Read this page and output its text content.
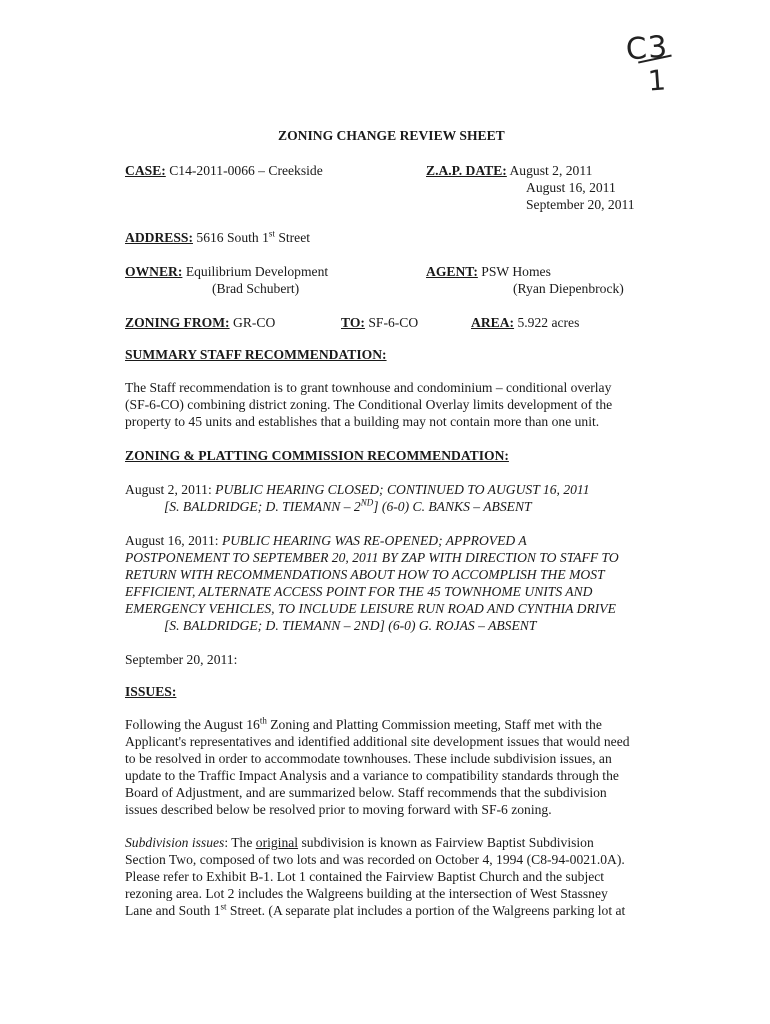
C3
1
ZONING CHANGE REVIEW SHEET
CASE: C14-2011-0066 – Creekside	Z.A.P. DATE: August 2, 2011
August 16, 2011
September 20, 2011
ADDRESS: 5616 South 1st Street
OWNER: Equilibrium Development
(Brad Schubert)
AGENT: PSW Homes
(Ryan Diepenbrock)
ZONING FROM: GR-CO	TO: SF-6-CO	AREA: 5.922 acres
SUMMARY STAFF RECOMMENDATION:
The Staff recommendation is to grant townhouse and condominium – conditional overlay
(SF-6-CO) combining district zoning. The Conditional Overlay limits development of the
property to 45 units and establishes that a building may not contain more than one unit.
ZONING & PLATTING COMMISSION RECOMMENDATION:
August 2, 2011: PUBLIC HEARING CLOSED; CONTINUED TO AUGUST 16, 2011
[S. BALDRIDGE; D. TIEMANN – 2ND] (6-0) C. BANKS – ABSENT
August 16, 2011: PUBLIC HEARING WAS RE-OPENED; APPROVED A
POSTPONEMENT TO SEPTEMBER 20, 2011 BY ZAP WITH DIRECTION TO STAFF TO
RETURN WITH RECOMMENDATIONS ABOUT HOW TO ACCOMPLISH THE MOST
EFFICIENT, ALTERNATE ACCESS POINT FOR THE 45 TOWNHOME UNITS AND
EMERGENCY VEHICLES, TO INCLUDE LEISURE RUN ROAD AND CYNTHIA DRIVE
[S. BALDRIDGE; D. TIEMANN – 2ND] (6-0) G. ROJAS – ABSENT
September 20, 2011:
ISSUES:
Following the August 16th Zoning and Platting Commission meeting, Staff met with the
Applicant's representatives and identified additional site development issues that would need
to be resolved in order to accommodate townhouses. These include subdivision issues, an
update to the Traffic Impact Analysis and a variance to compatibility standards through the
Board of Adjustment, and are summarized below. Staff recommends that the subdivision
issues described below be resolved prior to moving forward with SF-6 zoning.
Subdivision issues: The original subdivision is known as Fairview Baptist Subdivision
Section Two, composed of two lots and was recorded on October 4, 1994 (C8-94-0021.0A).
Please refer to Exhibit B-1. Lot 1 contained the Fairview Baptist Church and the subject
rezoning area. Lot 2 includes the Walgreens building at the intersection of West Stassney
Lane and South 1st Street. (A separate plat includes a portion of the Walgreens parking lot at
